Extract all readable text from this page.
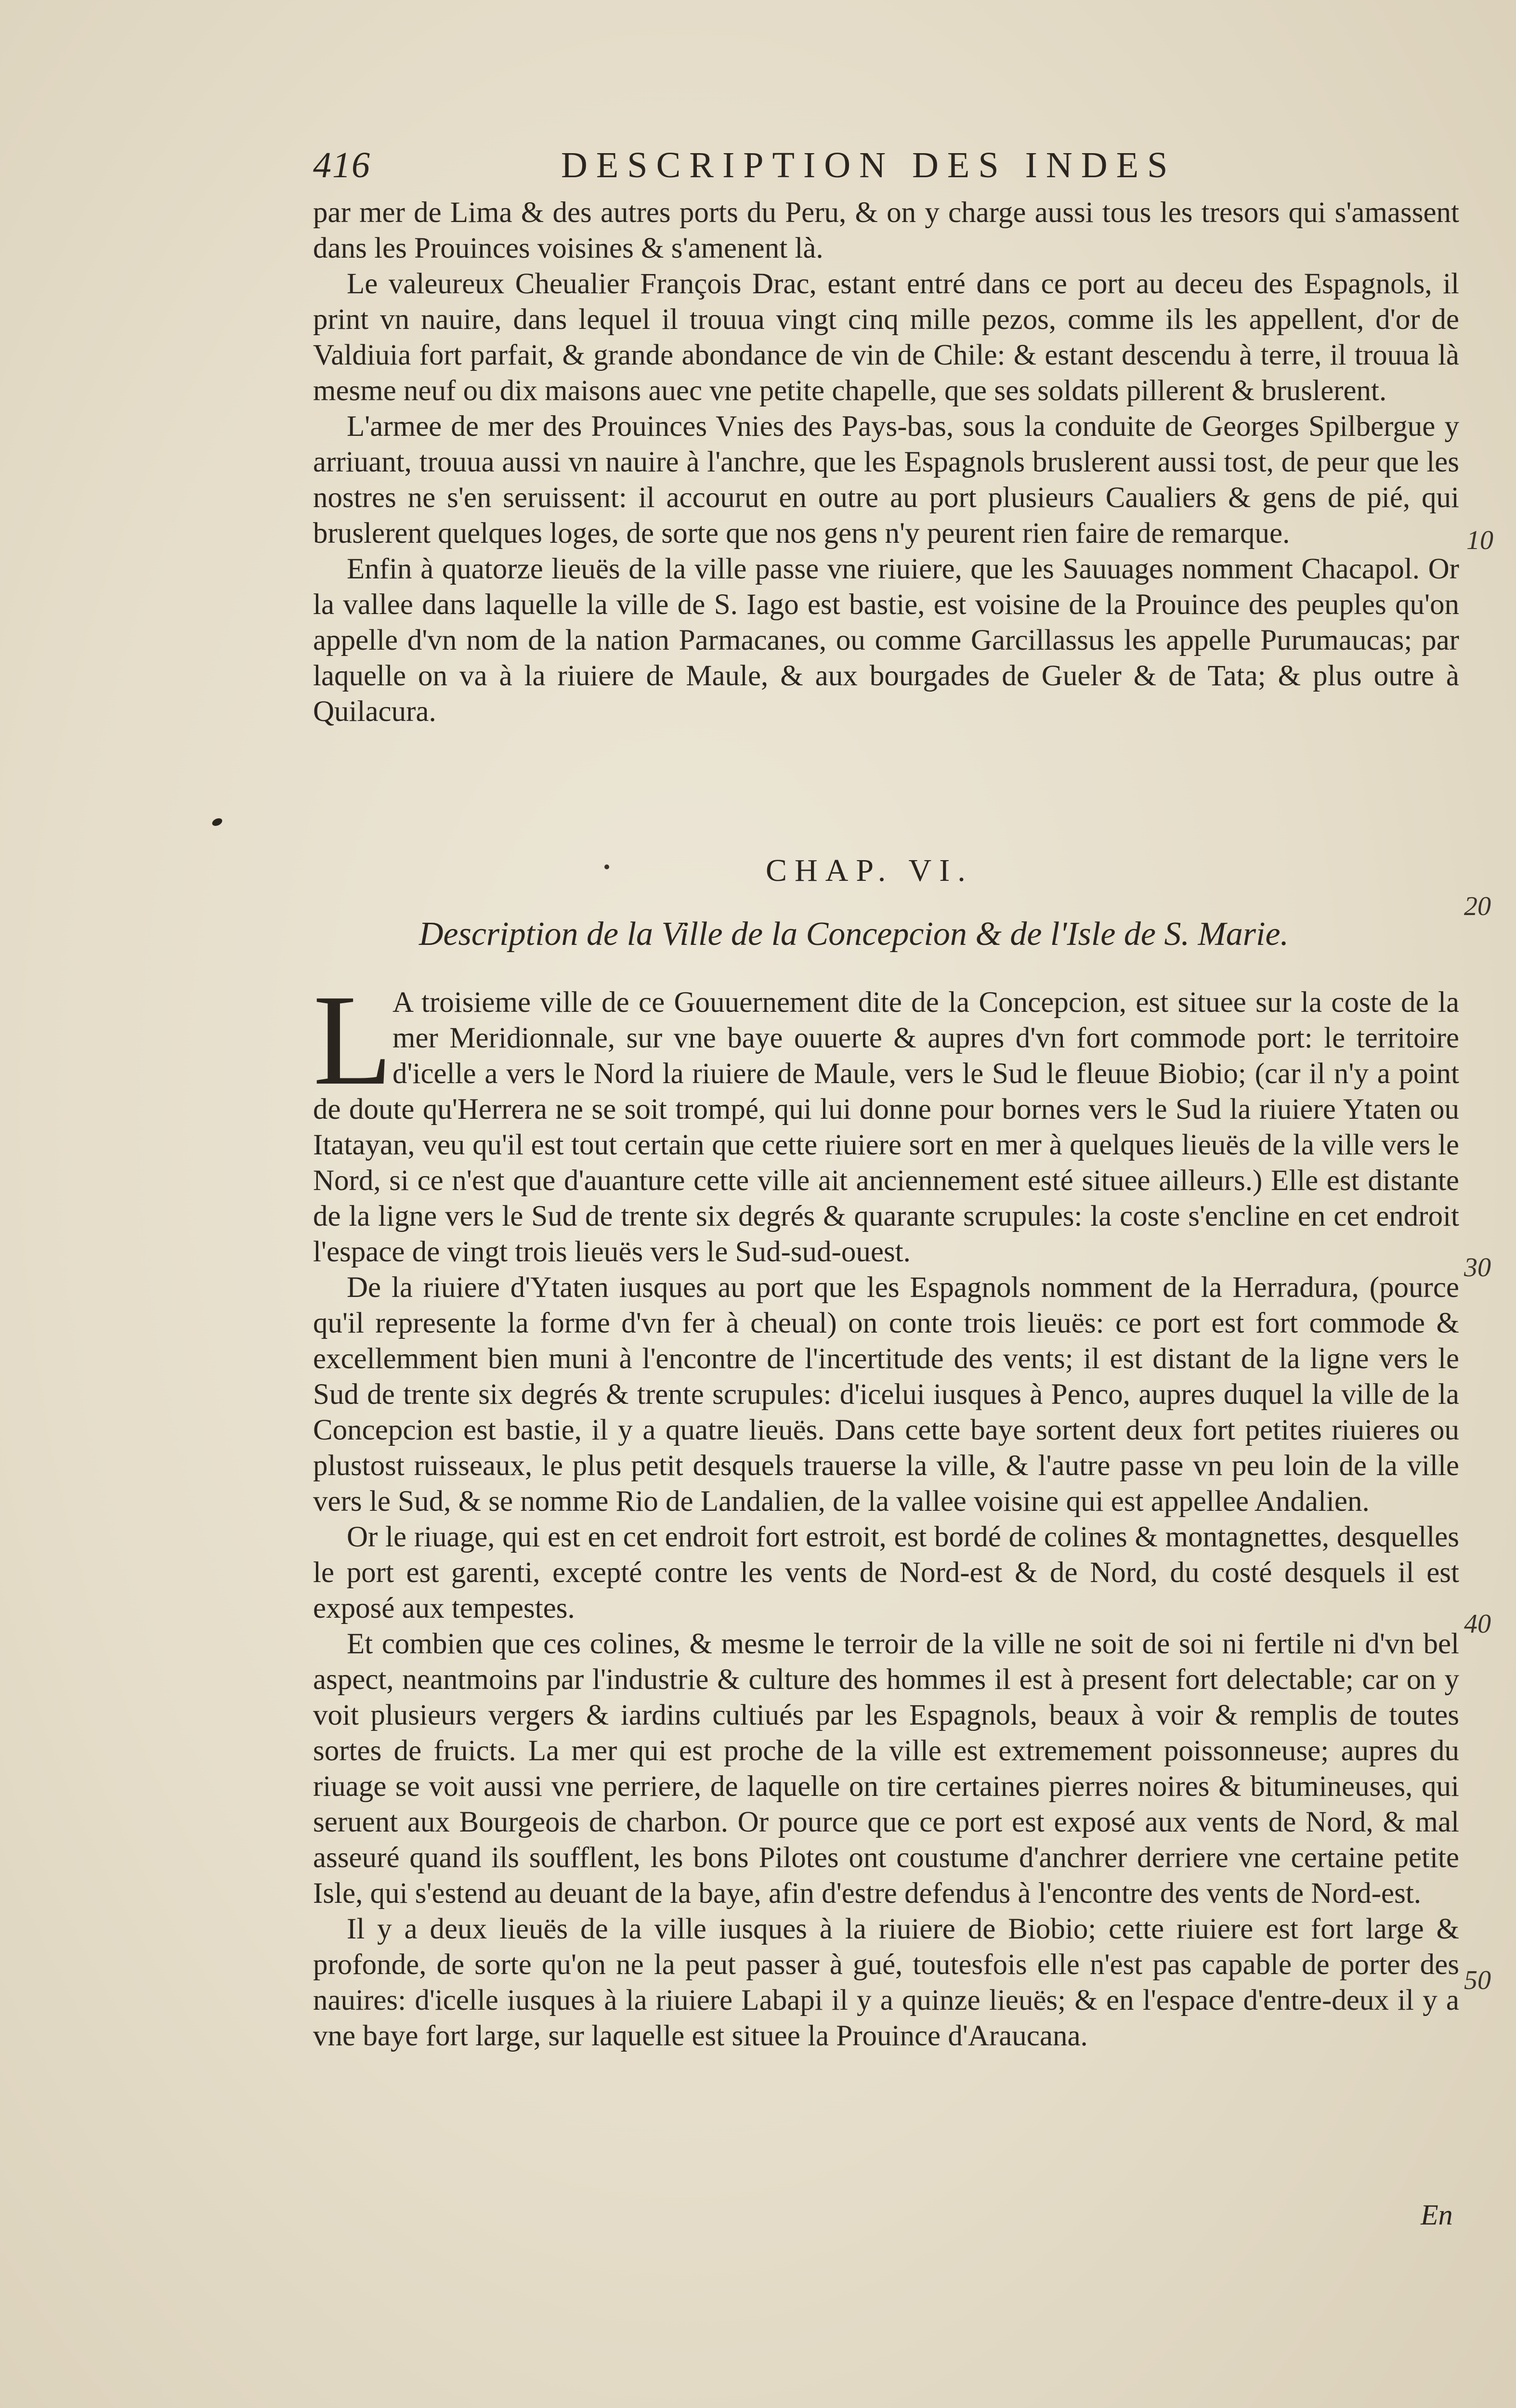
416	DESCRIPTION DES INDES

par mer de Lima & des autres ports du Peru, & on y charge aussi tous les tresors qui s'amassent dans les Prouinces voisines & s'amenent là.

Le valeureux Cheualier François Drac, estant entré dans ce port au deceu des Espagnols, il print vn nauire, dans lequel il trouua vingt cinq mille pezos, comme ils les appellent, d'or de Valdiuia fort parfait, & grande abondance de vin de Chile: & estant descendu à terre, il trouua là mesme neuf ou dix maisons auec vne petite chapelle, que ses soldats pillerent & bruslerent.

L'armee de mer des Prouinces Vnies des Pays-bas, sous la conduite de Georges Spilbergue y arriuant, trouua aussi vn nauire à l'anchre, que les Espagnols bruslerent aussi tost, de peur que les nostres ne s'en seruissent: il accourut en outre au port plusieurs Caualiers & gens de pié, qui bruslerent quelques loges, de sorte que nos gens n'y peurent rien faire de remarque.

Enfin à quatorze lieuës de la ville passe vne riuiere, que les Sauuages nomment Chacapol. Or la vallee dans laquelle la ville de S. Iago est bastie, est voisine de la Prouince des peuples qu'on appelle d'vn nom de la nation Parmacanes, ou comme Garcillassus les appelle Purumaucas; par laquelle on va à la riuiere de Maule, & aux bourgades de Gueler & de Tata; & plus outre à Quilacura.

CHAP. VI.
Description de la Ville de la Concepcion & de l'Isle de S. Marie.
L A troisieme ville de ce Gouuernement dite de la Concepcion, est situee sur la coste de la mer Meridionnale, sur vne baye ouuerte & aupres d'vn fort commode port: le territoire d'icelle a vers le Nord la riuiere de Maule, vers le Sud le fleuue Biobio; (car il n'y a point de doute qu'Herrera ne se soit trompé, qui lui donne pour bornes vers le Sud la riuiere Ytaten ou Itatayan, veu qu'il est tout certain que cette riuiere sort en mer à quelques lieuës de la ville vers le Nord, si ce n'est que d'auanture cette ville ait anciennement esté situee ailleurs.) Elle est distante de la ligne vers le Sud de trente six degrés & quarante scrupules: la coste s'encline en cet endroit l'espace de vingt trois lieuës vers le Sud-sud-ouest.

De la riuiere d'Ytaten iusques au port que les Espagnols nomment de la Herradura, (pource qu'il represente la forme d'vn fer à cheual) on conte trois lieuës: ce port est fort commode & excellemment bien muni à l'encontre de l'incertitude des vents; il est distant de la ligne vers le Sud de trente six degrés & trente scrupules: d'icelui iusques à Penco, aupres duquel la ville de la Concepcion est bastie, il y a quatre lieuës. Dans cette baye sortent deux fort petites riuieres ou plustost ruisseaux, le plus petit desquels trauerse la ville, & l'autre passe vn peu loin de la ville vers le Sud, & se nomme Rio de Landalien, de la vallee voisine qui est appellee Andalien.

Or le riuage, qui est en cet endroit fort estroit, est bordé de colines & montagnettes, desquelles le port est garenti, excepté contre les vents de Nord-est & de Nord, du costé desquels il est exposé aux tempestes.

Et combien que ces colines, & mesme le terroir de la ville ne soit de soi ni fertile ni d'vn bel aspect, neantmoins par l'industrie & culture des hommes il est à present fort delectable; car on y voit plusieurs vergers & iardins cultiués par les Espagnols, beaux à voir & remplis de toutes sortes de fruicts. La mer qui est proche de la ville est extremement poissonneuse; aupres du riuage se voit aussi vne perriere, de laquelle on tire certaines pierres noires & bitumineuses, qui seruent aux Bourgeois de charbon. Or pource que ce port est exposé aux vents de Nord, & mal asseuré quand ils soufflent, les bons Pilotes ont coustume d'anchrer derriere vne certaine petite Isle, qui s'estend au deuant de la baye, afin d'estre defendus à l'encontre des vents de Nord-est.

Il y a deux lieuës de la ville iusques à la riuiere de Biobio; cette riuiere est fort large & profonde, de sorte qu'on ne la peut passer à gué, toutesfois elle n'est pas capable de porter des nauires: d'icelle iusques à la riuiere Labapi il y a quinze lieuës; & en l'espace d'entre-deux il y a vne baye fort large, sur laquelle est situee la Prouince d'Araucana.

10
20
30
40
50
En
